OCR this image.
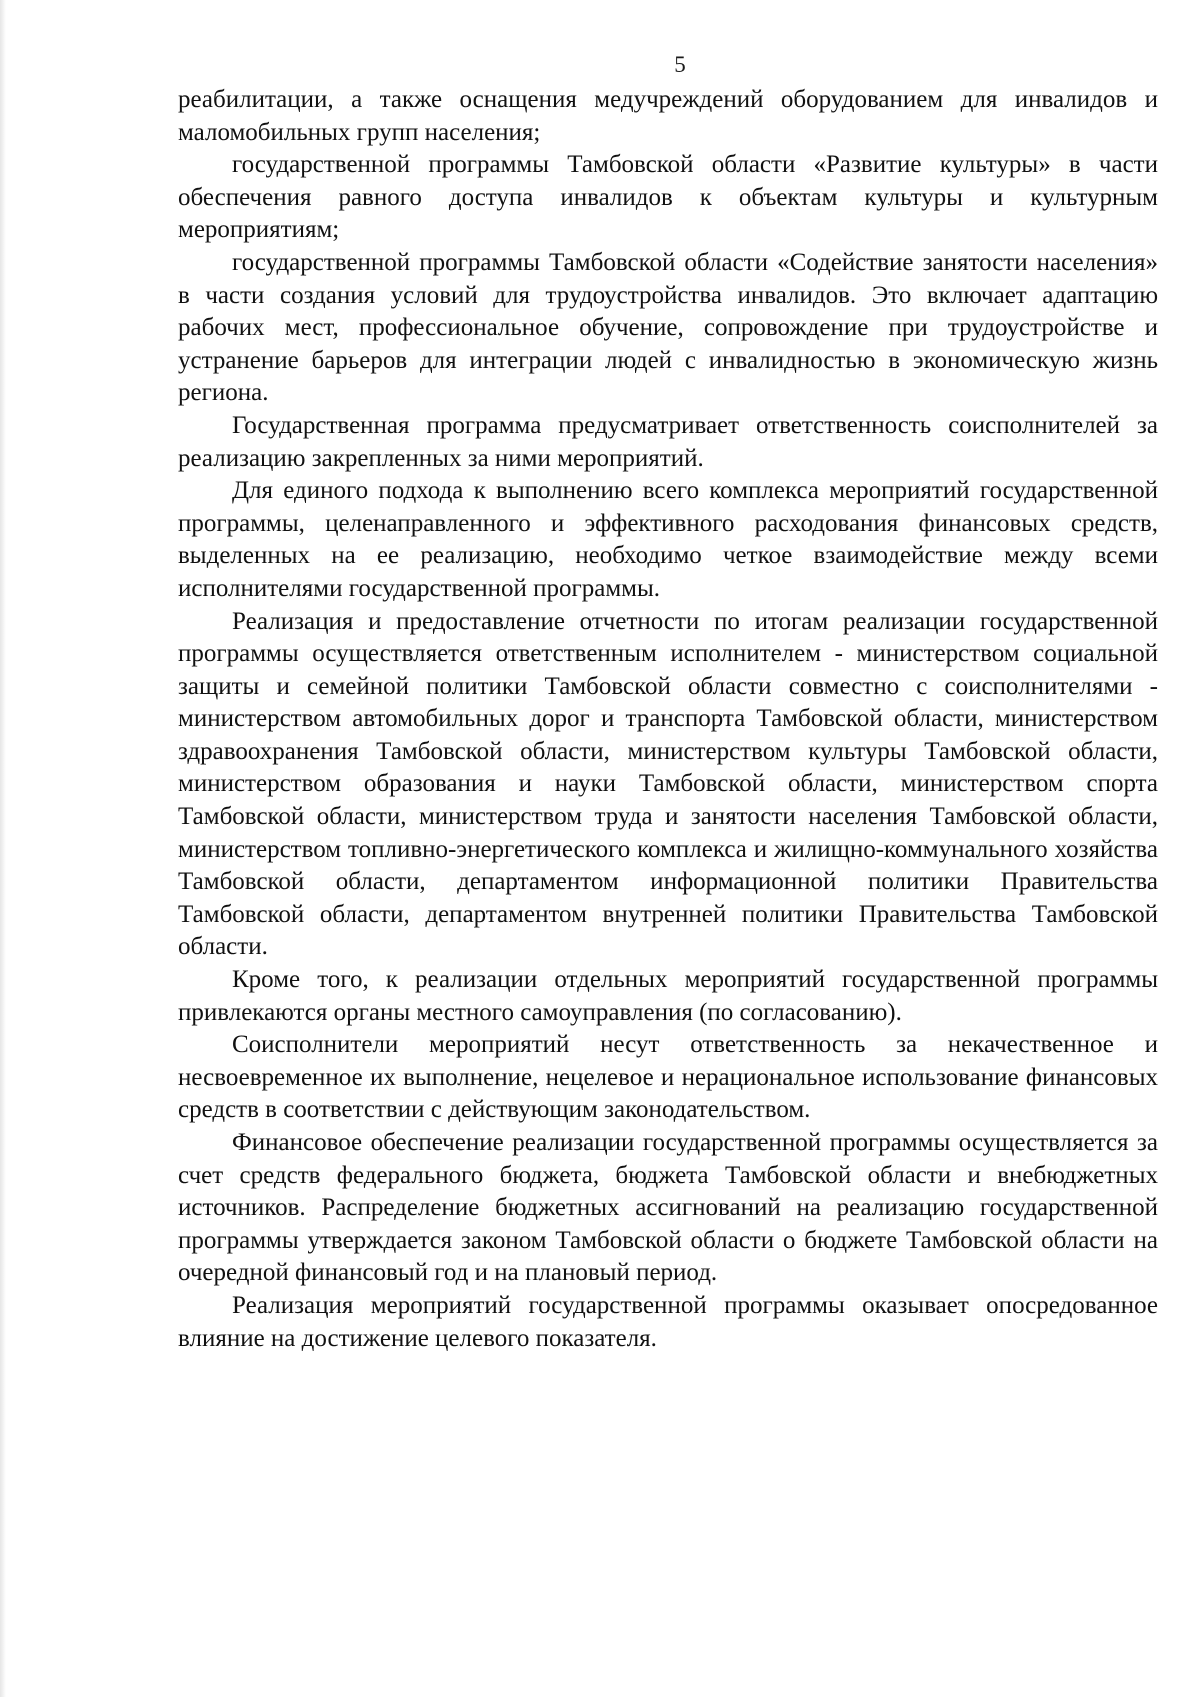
5

реабилитации, а также оснащения медучреждений оборудованием для инвалидов и маломобильных групп населения;

государственной программы Тамбовской области «Развитие культуры» в части обеспечения равного доступа инвалидов к объектам культуры и культурным мероприятиям;

государственной программы Тамбовской области «Содействие занятости населения» в части создания условий для трудоустройства инвалидов. Это включает адаптацию рабочих мест, профессиональное обучение, сопровождение при трудоустройстве и устранение барьеров для интеграции людей с инвалидностью в экономическую жизнь региона.

Государственная программа предусматривает ответственность соисполнителей за реализацию закрепленных за ними мероприятий.

Для единого подхода к выполнению всего комплекса мероприятий государственной программы, целенаправленного и эффективного расходования финансовых средств, выделенных на ее реализацию, необходимо четкое взаимодействие между всеми исполнителями государственной программы.

Реализация и предоставление отчетности по итогам реализации государственной программы осуществляется ответственным исполнителем - министерством социальной защиты и семейной политики Тамбовской области совместно с соисполнителями - министерством автомобильных дорог и транспорта Тамбовской области, министерством здравоохранения Тамбовской области, министерством культуры Тамбовской области, министерством образования и науки Тамбовской области, министерством спорта Тамбовской области, министерством труда и занятости населения Тамбовской области, министерством топливно-энергетического комплекса и жилищно-коммунального хозяйства Тамбовской области, департаментом информационной политики Правительства Тамбовской области, департаментом внутренней политики Правительства Тамбовской области.

Кроме того, к реализации отдельных мероприятий государственной программы привлекаются органы местного самоуправления (по согласованию).

Соисполнители мероприятий несут ответственность за некачественное и несвоевременное их выполнение, нецелевое и нерациональное использование финансовых средств в соответствии с действующим законодательством.

Финансовое обеспечение реализации государственной программы осуществляется за счет средств федерального бюджета, бюджета Тамбовской области и внебюджетных источников. Распределение бюджетных ассигнований на реализацию государственной программы утверждается законом Тамбовской области о бюджете Тамбовской области на очередной финансовый год и на плановый период.

Реализация мероприятий государственной программы оказывает опосредованное влияние на достижение целевого показателя.
